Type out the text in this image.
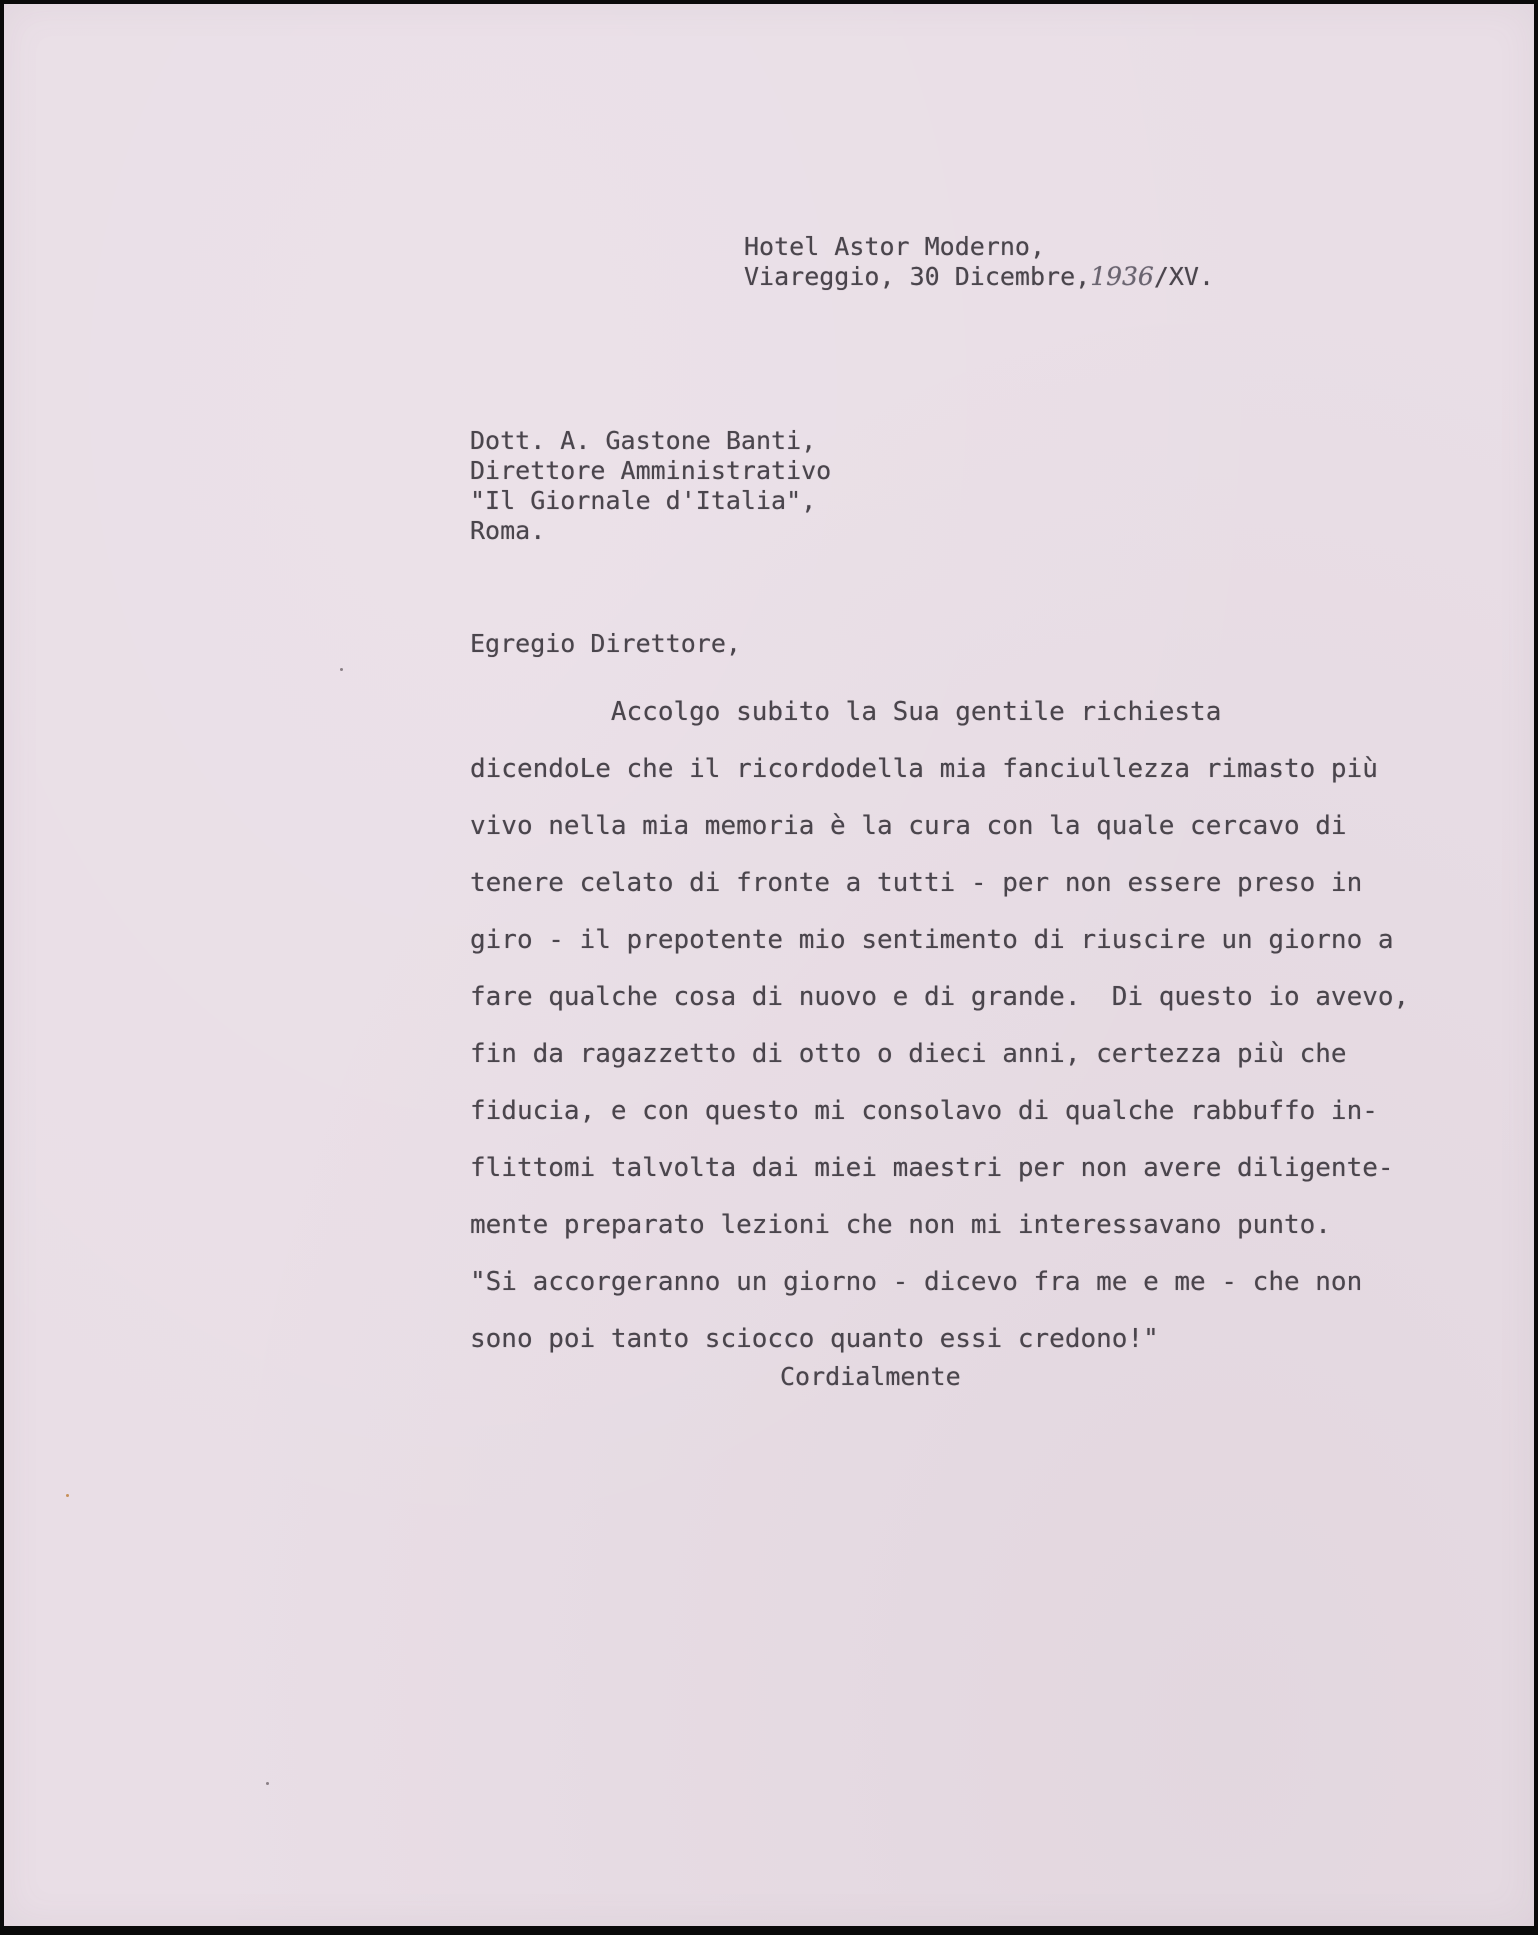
Hotel Astor Moderno,
Viareggio, 30 Dicembre,1936/XV.
Dott. A. Gastone Banti,
Direttore Amministrativo
"Il Giornale d'Italia",
Roma.
Egregio Direttore,
Accolgo subito la Sua gentile richiesta
dicendoLe che il ricordodella mia fanciullezza rimasto più
vivo nella mia memoria è la cura con la quale cercavo di
tenere celato di fronte a tutti - per non essere preso in
giro - il prepotente mio sentimento di riuscire un giorno a
fare qualche cosa di nuovo e di grande.  Di questo io avevo,
fin da ragazzetto di otto o dieci anni, certezza più che
fiducia, e con questo mi consolavo di qualche rabbuffo in-
flittomi talvolta dai miei maestri per non avere diligente-
mente preparato lezioni che non mi interessavano punto.
"Si accorgeranno un giorno - dicevo fra me e me - che non
sono poi tanto sciocco quanto essi credono!"
Cordialmente
